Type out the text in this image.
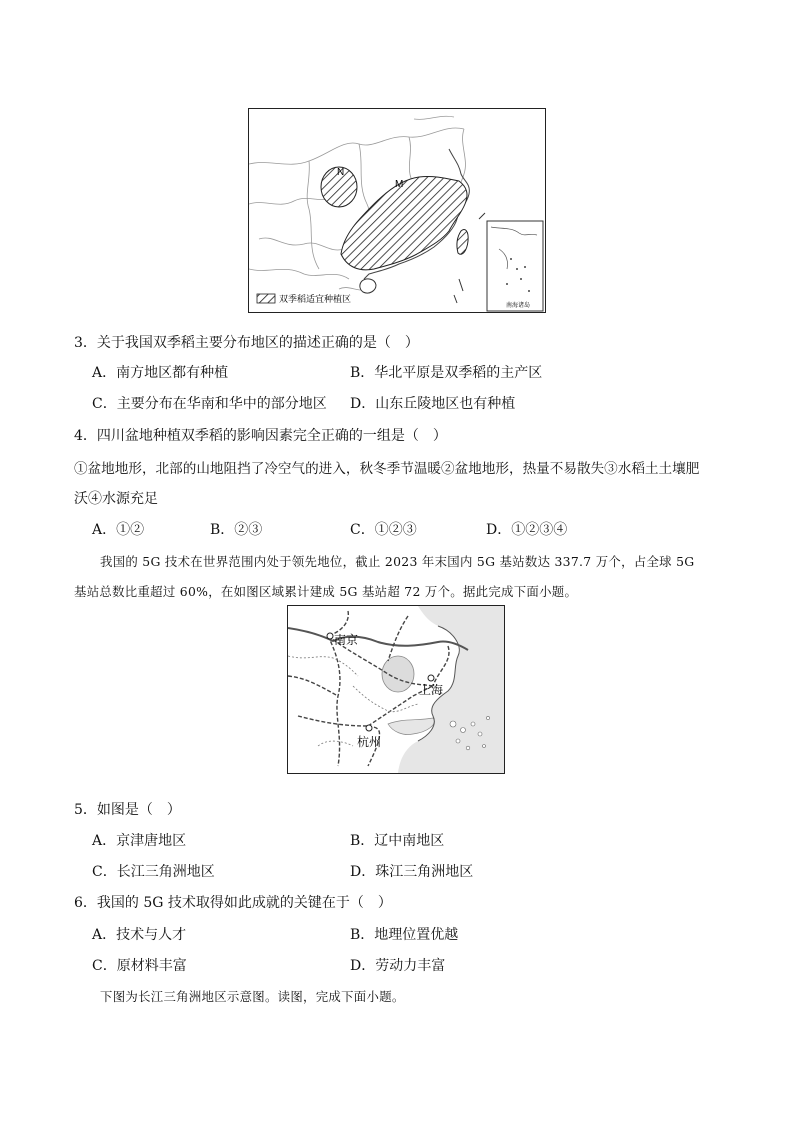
N
M
南海诸岛
双季稻适宜种植区
3．关于我国双季稻主要分布地区的描述正确的是（　）
A．南方地区都有种植	B．华北平原是双季稻的主产区
C．主要分布在华南和华中的部分地区 D．山东丘陵地区也有种植
4．四川盆地种植双季稻的影响因素完全正确的一组是（　）
①盆地地形，北部的山地阻挡了冷空气的进入，秋冬季节温暖②盆地地形，热量不易散失③水稻土土壤肥
沃④水源充足
A．①②	B．②③	C．①②③	D．①②③④
我国的 5G 技术在世界范围内处于领先地位，截止 2023 年末国内 5G 基站数达 337.7 万个，占全球 5G
基站总数比重超过 60%，在如图区域累计建成 5G 基站超 72 万个。据此完成下面小题。
南京
上海
杭州
5．如图是（　）
A．京津唐地区	B．辽中南地区
C．长江三角洲地区	D．珠江三角洲地区
6．我国的 5G 技术取得如此成就的关键在于（　）
A．技术与人才	B．地理位置优越
C．原材料丰富	D．劳动力丰富
下图为长江三角洲地区示意图。读图，完成下面小题。
